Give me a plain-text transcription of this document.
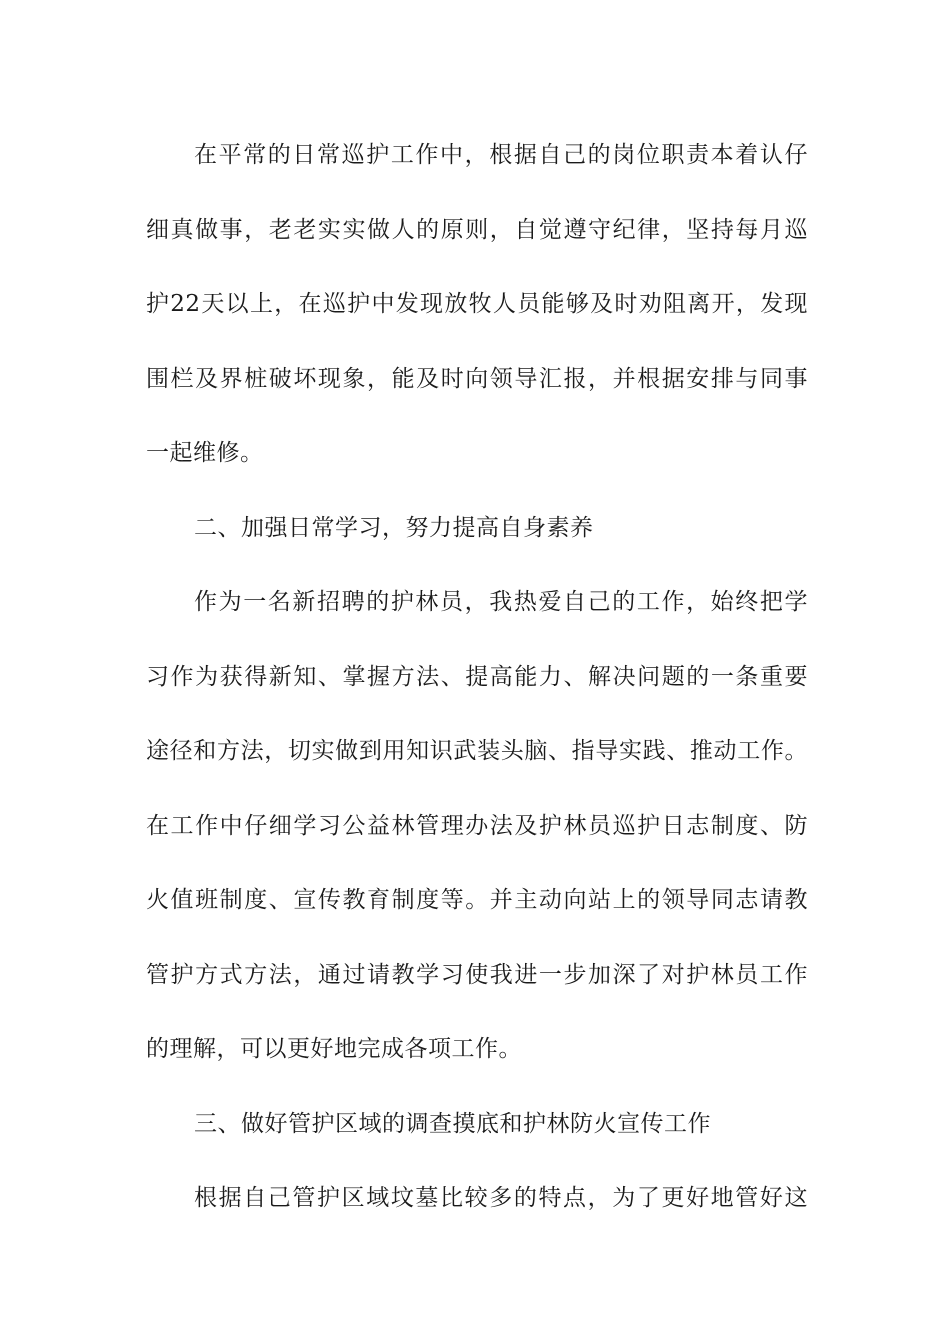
在平常的日常巡护工作中，根据自己的岗位职责本着认仔
细真做事，老老实实做人的原则，自觉遵守纪律，坚持每月巡
护22天以上，在巡护中发现放牧人员能够及时劝阻离开，发现
围栏及界桩破坏现象，能及时向领导汇报，并根据安排与同事
一起维修。
二、加强日常学习，努力提高自身素养
作为一名新招聘的护林员，我热爱自己的工作，始终把学
习作为获得新知、掌握方法、提高能力、解决问题的一条重要
途径和方法，切实做到用知识武装头脑、指导实践、推动工作。
在工作中仔细学习公益林管理办法及护林员巡护日志制度、防
火值班制度、宣传教育制度等。并主动向站上的领导同志请教
管护方式方法，通过请教学习使我进一步加深了对护林员工作
的理解，可以更好地完成各项工作。
三、做好管护区域的调查摸底和护林防火宣传工作
根据自己管护区域坟墓比较多的特点，为了更好地管好这
